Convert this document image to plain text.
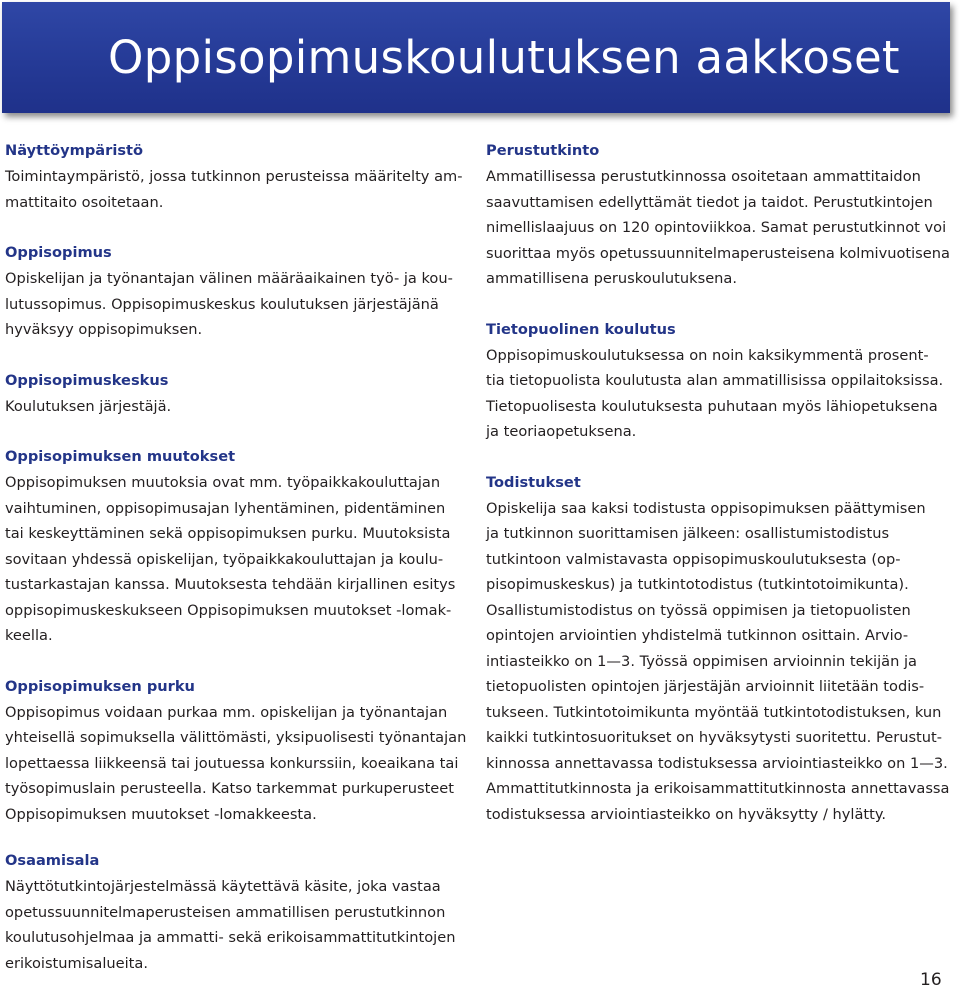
Oppisopimuskoulutuksen aakkoset
Näyttöympäristö

Toimintaympäristö, jossa tutkinnon perusteissa määritelty am-
mattitaito osoitetaan.

Oppisopimus

Opiskelijan ja työnantajan välinen määräaikainen työ- ja kou-
lutussopimus. Oppisopimuskeskus koulutuksen järjestäjänä
hyväksyy oppisopimuksen.

Oppisopimuskeskus

Koulutuksen järjestäjä.

Oppisopimuksen muutokset

Oppisopimuksen muutoksia ovat mm. työpaikkakouluttajan
vaihtuminen, oppisopimusajan lyhentäminen, pidentäminen
tai keskeyttäminen sekä oppisopimuksen purku. Muutoksista
sovitaan yhdessä opiskelijan, työpaikkakouluttajan ja koulu-
tustarkastajan kanssa. Muutoksesta tehdään kirjallinen esitys
oppisopimuskeskukseen Oppisopimuksen muutokset -lomak-
keella.

Oppisopimuksen purku

Oppisopimus voidaan purkaa mm. opiskelijan ja työnantajan
yhteisellä sopimuksella välittömästi, yksipuolisesti työnantajan
lopettaessa liikkeensä tai joutuessa konkurssiin, koeaikana tai
työsopimuslain perusteella. Katso tarkemmat purkuperusteet
Oppisopimuksen muutokset -lomakkeesta.

Perustutkinto

Ammatillisessa perustutkinnossa osoitetaan ammattitaidon
saavuttamisen edellyttämät tiedot ja taidot. Perustutkintojen
nimellislaajuus on 120 opintoviikkoa. Samat perustutkinnot voi
suorittaa myös opetussuunnitelmaperusteisena kolmivuotisena
ammatillisena peruskoulutuksena.

Tietopuolinen koulutus

Oppisopimuskoulutuksessa on noin kaksikymmentä prosent-
tia tietopuolista koulutusta alan ammatillisissa oppilaitoksissa.
Tietopuolisesta koulutuksesta puhutaan myös lähiopetuksena
ja teoriaopetuksena.

Todistukset

Opiskelija saa kaksi todistusta oppisopimuksen päättymisen
ja tutkinnon suorittamisen jälkeen: osallistumistodistus
tutkintoon valmistavasta oppisopimuskoulutuksesta (op-
pisopimuskeskus) ja tutkintotodistus (tutkintotoimikunta).
Osallistumistodistus on työssä oppimisen ja tietopuolisten
opintojen arviointien yhdistelmä tutkinnon osittain. Arvio-
intiasteikko on 1—3. Työssä oppimisen arvioinnin tekijän ja
tietopuolisten opintojen järjestäjän arvioinnit liitetään todis-
tukseen. Tutkintotoimikunta myöntää tutkintotodistuksen, kun
kaikki tutkintosuoritukset on hyväksytysti suoritettu. Perustut-
kinnossa annettavassa todistuksessa arviointiasteikko on 1—3.
Ammattitutkinnosta ja erikoisammattitutkinnosta annettavassa
todistuksessa arviointiasteikko on hyväksytty / hylätty.

Osaamisala

Näyttötutkintojärjestelmässä käytettävä käsite, joka vastaa
opetussuunnitelmaperusteisen ammatillisen perustutkinnon
koulutusohjelmaa ja ammatti- sekä erikoisammattitutkintojen
erikoistumisalueita.

16
